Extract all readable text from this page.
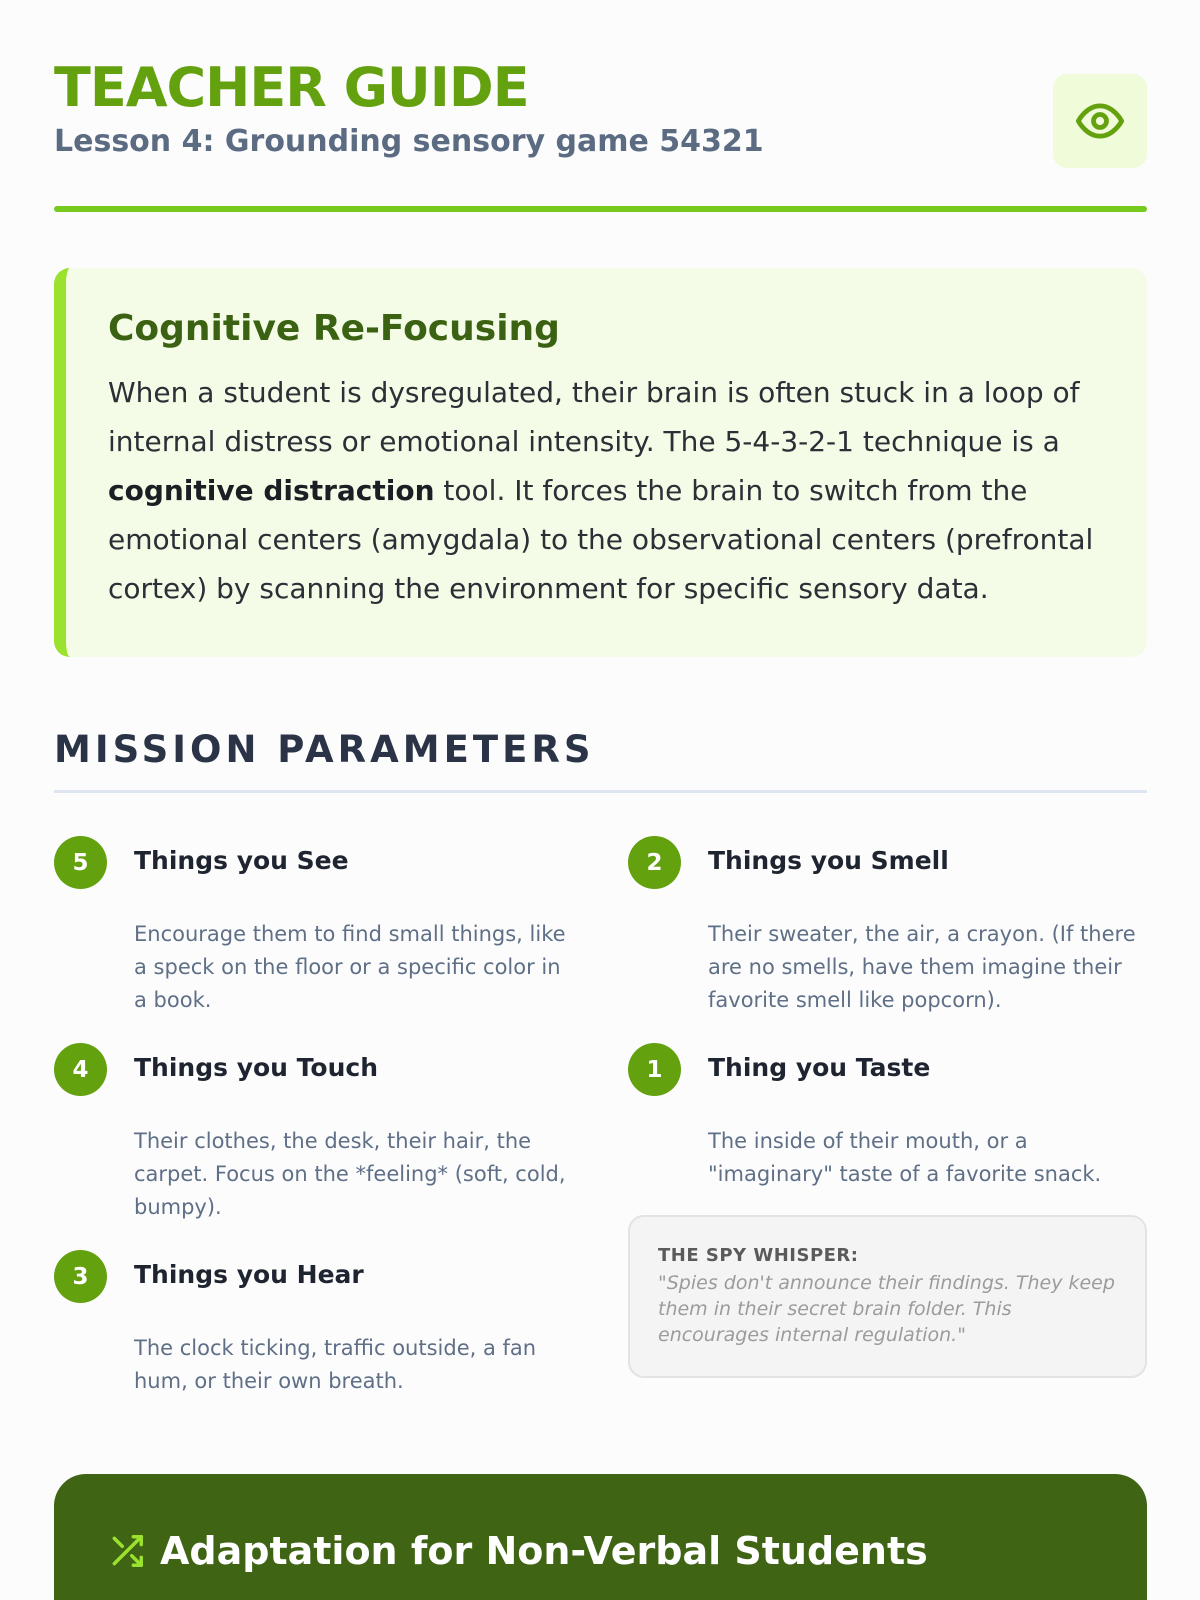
TEACHER GUIDE
Lesson 4: Grounding sensory game 54321
Cognitive Re-Focusing

When a student is dysregulated, their brain is often stuck in a loop of internal distress or emotional intensity. The 5-4-3-2-1 technique is a cognitive distraction tool. It forces the brain to switch from the emotional centers (amygdala) to the observational centers (prefrontal cortex) by scanning the environment for specific sensory data.

MISSION PARAMETERS
5	Things you See
Encourage them to find small things, like a speck on the floor or a specific color in a book.
4	Things you Touch
Their clothes, the desk, their hair, the carpet. Focus on the *feeling* (soft, cold, bumpy).
3	Things you Hear
The clock ticking, traffic outside, a fan hum, or their own breath.
2	Things you Smell
Their sweater, the air, a crayon. (If there are no smells, have them imagine their favorite smell like popcorn).
1	Thing you Taste
The inside of their mouth, or a "imaginary" taste of a favorite snack.
THE SPY WHISPER:
"Spies don't announce their findings. They keep them in their secret brain folder. This encourages internal regulation."
Adaptation for Non-Verbal Students
